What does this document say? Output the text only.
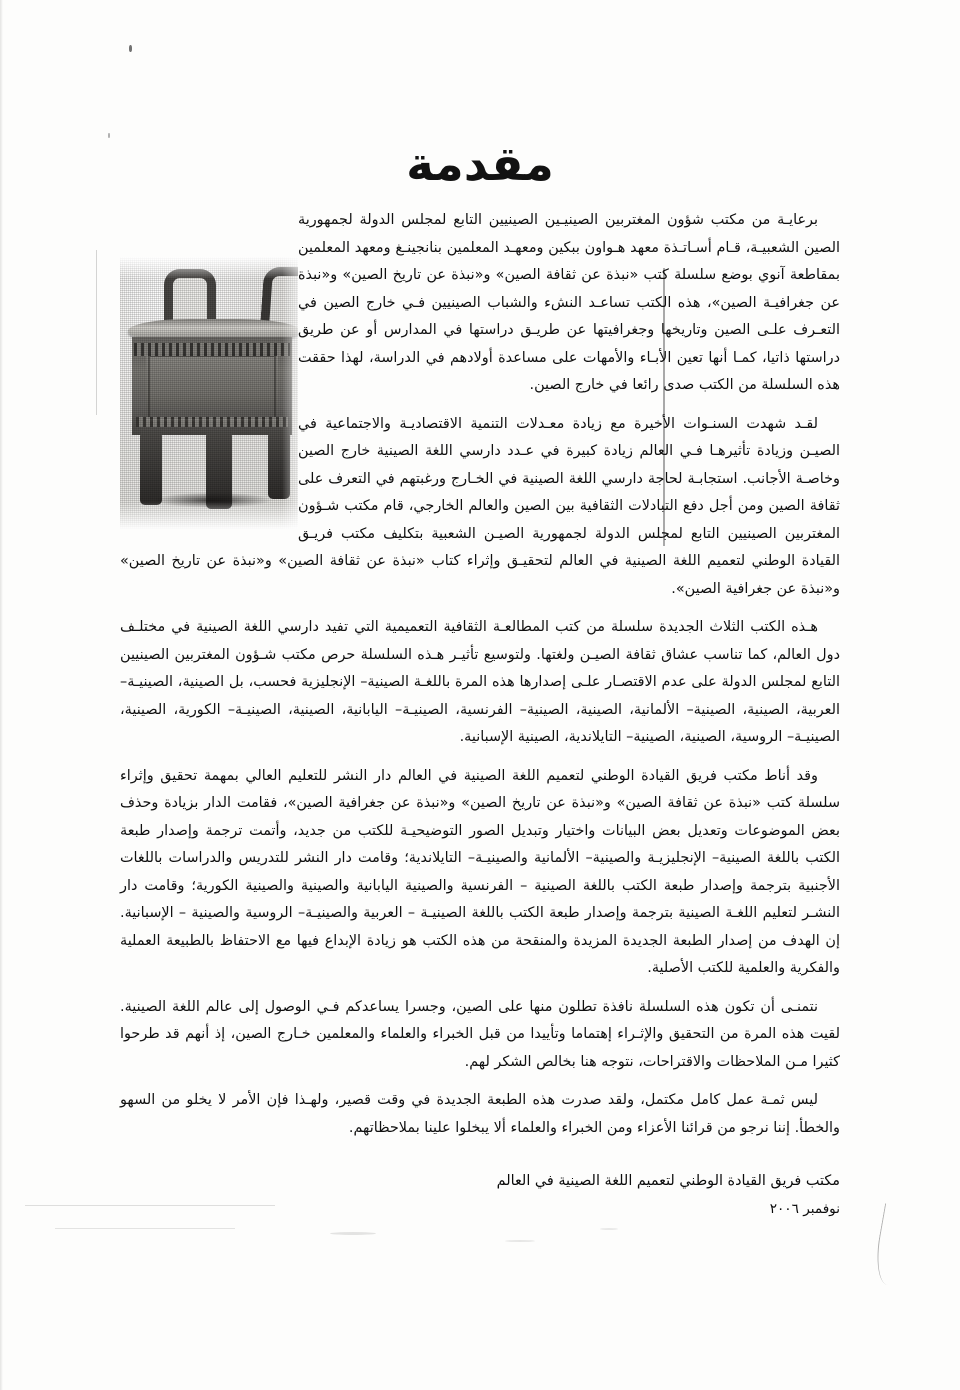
مقدمة

برعايـة من مكتب شؤون المغتربين الصينيـين الصينيين التابع لمجلس الدولة لجمهورية الصين الشعبيـة، قـام أسـاتـذة معهد هـواون ببكين ومعهـد المعلمين بنانجينـغ ومعهد المعلمين بمقاطعة آنوي بوضع سلسلة كتب «نبذة عن ثقافة الصين» و«نبذة عن تاريخ الصين» و«نبذة عن جغرافيـة الصين»، هذه الكتب تساعـد النشء والشباب الصينيين فـي خارج الصين في التعـرف علـى الصين وتاريخها وجغرافيتها عن طريـق دراستها في المدارس أو عن طريق دراستها ذاتيا، كمـا أنها تعين الأبـاء والأمهات على مساعدة أولادهم في الدراسة، لهذا حققت هذه السلسلة من الكتب صدى رائعا في خارج الصين.

لقـد شهدت السنـوات الأخيرة مع زيادة معـدلات التنمية الاقتصاديـة والاجتماعية في الصيـن وزيادة تأثيرهـا فـي العالم زيادة كبيرة في عـدد دارسي اللغة الصينية خارج الصين وخاصـة الأجانب. استجابـة لحاجة دارسي اللغة الصينية في الخـارج ورغبتهم في التعرف على ثقافة الصين ومن أجل دفع التبادلات الثقافية بين الصين والعالم الخارجي، قام مكتب شـؤون المغتربين الصينيين التابع لمجلس الدولة لجمهورية الصيـن الشعبية بتكليف مكتب فريـق القيادة الوطني لتعميم اللغة الصينية في العالم لتحقيـق وإثراء كتاب «نبذة عن ثقافة الصين» و«نبذة عن تاريخ الصين» و«نبذة عن جغرافية الصين».

هـذه الكتب الثلاث الجديدة سلسلة من كتب المطالعـة الثقافية التعميمية التي تفيد دارسي اللغة الصينية في مختلـف دول العالم، كما تناسب عشاق ثقافة الصيـن ولغتها. ولتوسيع تأثيـر هـذه السلسلة حرص مكتب شـؤون المغتربين الصينيين التابع لمجلس الدولة على عدم الاقتصـار علـى إصدارها هذه المرة باللغـة الصينية– الإنجليزية فحسب، بل الصينية، الصينيـة– العربية، الصينية، الصينية– الألمانية، الصينية، الصينية– الفرنسية، الصينيـة– اليابانية، الصينية، الصينيـة– الكورية، الصينية، الصينيـة– الروسية، الصينية، الصينية– التايلاندية، الصينية الإسبانية.

وقد أناط مكتب فريق القيادة الوطني لتعميم اللغة الصينية في العالم دار النشر للتعليم العالي بمهمة تحقيق وإثراء سلسلة كتب «نبذة عن ثقافة الصين» و«نبذة عن تاريخ الصين» و«نبذة عن جغرافية الصين»، فقامت الدار بزيادة وحذف بعض الموضوعات وتعديل بعض البيانات واختيار وتبديل الصور التوضيحيـة للكتب من جديد، وأتمت ترجمة وإصدار طبعة الكتب باللغة الصينية– الإنجليزيـة والصينية– الألمانية والصينيـة– التايلاندية؛ وقامت دار النشر للتدريس والدراسات باللغات الأجنبية بترجمة وإصدار طبعة الكتب باللغة الصينية – الفرنسية والصينية اليابانية والصينية والصينية الكورية؛ وقامت دار النشـر لتعليم اللغـة الصينية بترجمة وإصدار طبعة الكتب باللغة الصينيـة – العربية والصينيـة– الروسية والصينية – الإسبانية. إن الهدف من إصدار الطبعة الجديدة المزيدة والمنقحة من هذه الكتب هو زيادة الإبداع فيها مع الاحتفاظ بالطبيعة العملية والفكرية والعلمية للكتب الأصلية.

نتمنـى أن تكون هذه السلسلة نافذة تطلون منها على الصين، وجسرا يساعدكم فـي الوصول إلى عالم اللغة الصينية. لقيت هذه المرة من التحقيق والإثـراء إهتماما وتأييدا من قبل الخبراء والعلماء والمعلمين خـارج الصين، إذ أنهم قد طرحوا كثيرا مـن الملاحظات والاقتراحات، نتوجه هنا بخالص الشكر لهم.

ليس ثمـة عمل كامل مكتمل، ولقد صدرت هذه الطبعة الجديدة في وقت قصير، ولهـذا فإن الأمر لا يخلو من السهو والخطأ. إننا نرجو من قرائنا الأعزاء ومن الخبراء والعلماء ألا يبخلوا علينا بملاحظاتهم.

مكتب فريق القيادة الوطني لتعميم اللغة الصينية في العالم

نوفمبر ٢٠٠٦
